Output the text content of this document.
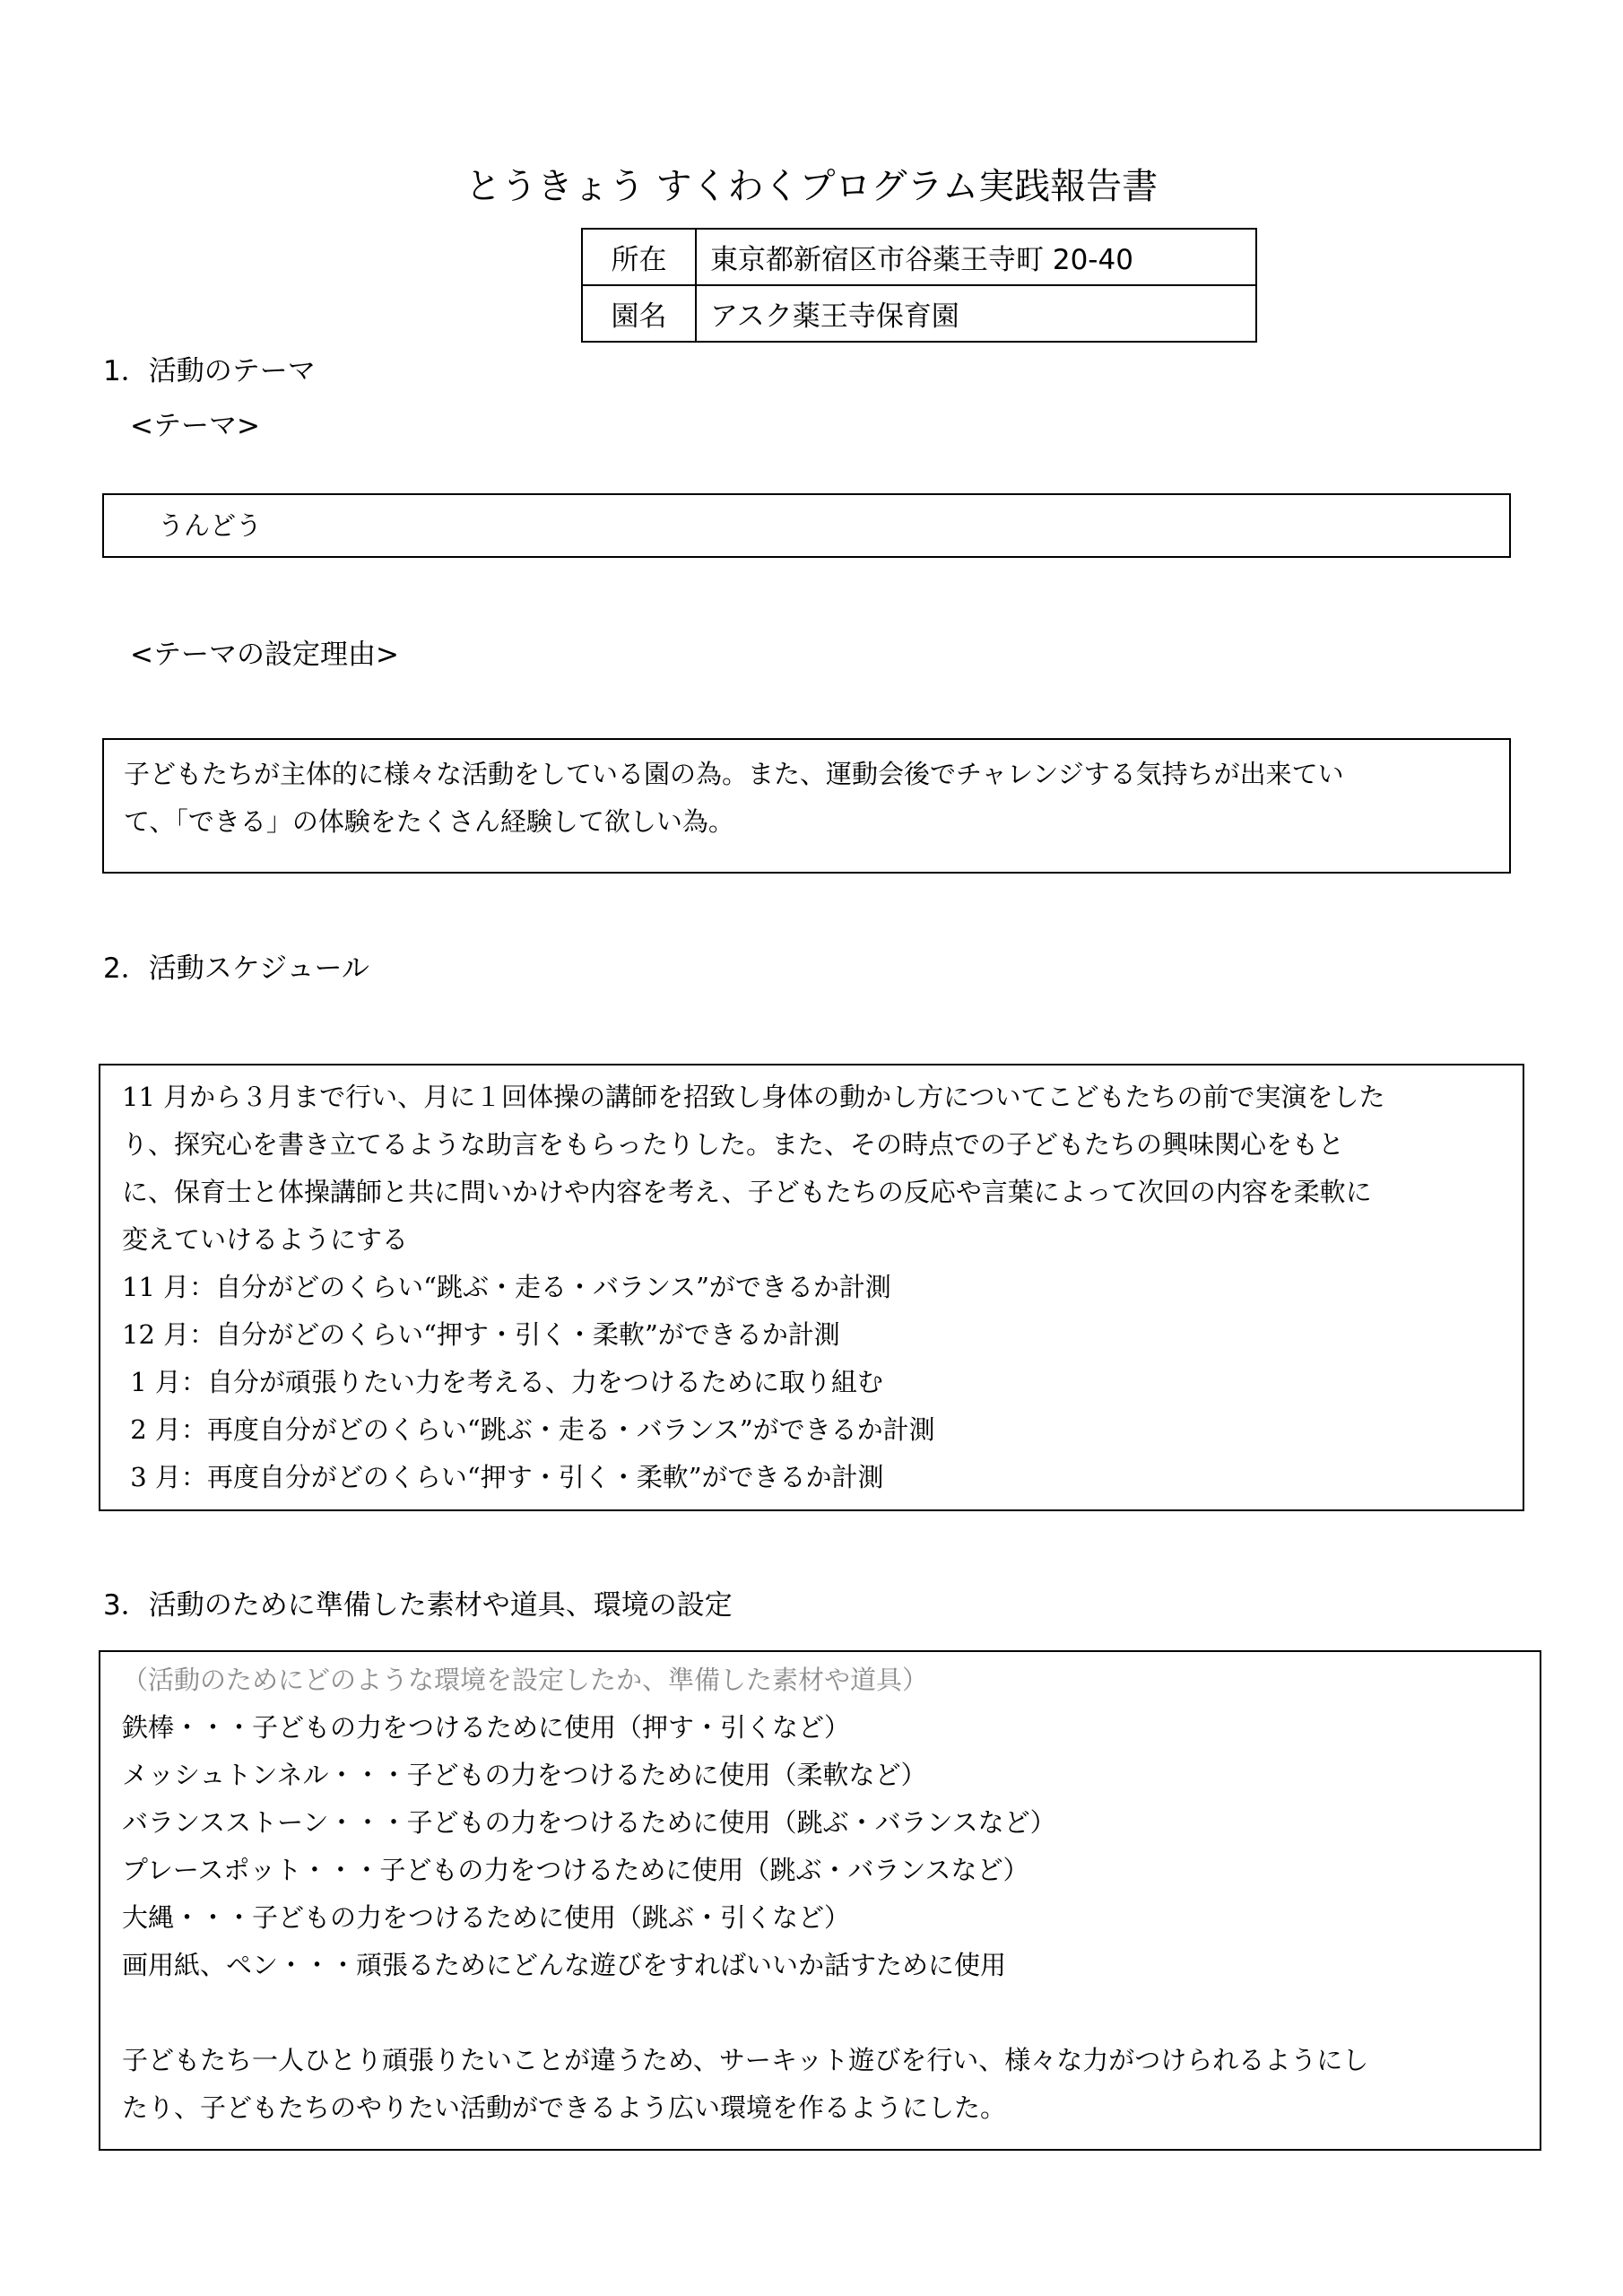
とうきょう すくわくプログラム実践報告書
所在	東京都新宿区市谷薬王寺町 20-40
園名	アスク薬王寺保育園
1．活動のテーマ
<テーマ>
うんどう
<テーマの設定理由>
子どもたちが主体的に様々な活動をしている園の為。また、運動会後でチャレンジする気持ちが出来てい
て、「できる」の体験をたくさん経験して欲しい為。
2．活動スケジュール
11 月から３月まで行い、月に１回体操の講師を招致し身体の動かし方についてこどもたちの前で実演をした
り、探究心を書き立てるような助言をもらったりした。また、その時点での子どもたちの興味関心をもと
に、保育士と体操講師と共に問いかけや内容を考え、子どもたちの反応や言葉によって次回の内容を柔軟に
変えていけるようにする
11 月：自分がどのくらい“跳ぶ・走る・バランス”ができるか計測
12 月：自分がどのくらい“押す・引く・柔軟”ができるか計測
1 月：自分が頑張りたい力を考える、力をつけるために取り組む
2 月：再度自分がどのくらい“跳ぶ・走る・バランス”ができるか計測
3 月：再度自分がどのくらい“押す・引く・柔軟”ができるか計測
3．活動のために準備した素材や道具、環境の設定
（活動のためにどのような環境を設定したか、準備した素材や道具）
鉄棒・・・子どもの力をつけるために使用（押す・引くなど）
メッシュトンネル・・・子どもの力をつけるために使用（柔軟など）
バランスストーン・・・子どもの力をつけるために使用（跳ぶ・バランスなど）
プレースポット・・・子どもの力をつけるために使用（跳ぶ・バランスなど）
大縄・・・子どもの力をつけるために使用（跳ぶ・引くなど）
画用紙、ペン・・・頑張るためにどんな遊びをすればいいか話すために使用
子どもたち一人ひとり頑張りたいことが違うため、サーキット遊びを行い、様々な力がつけられるようにし
たり、子どもたちのやりたい活動ができるよう広い環境を作るようにした。
